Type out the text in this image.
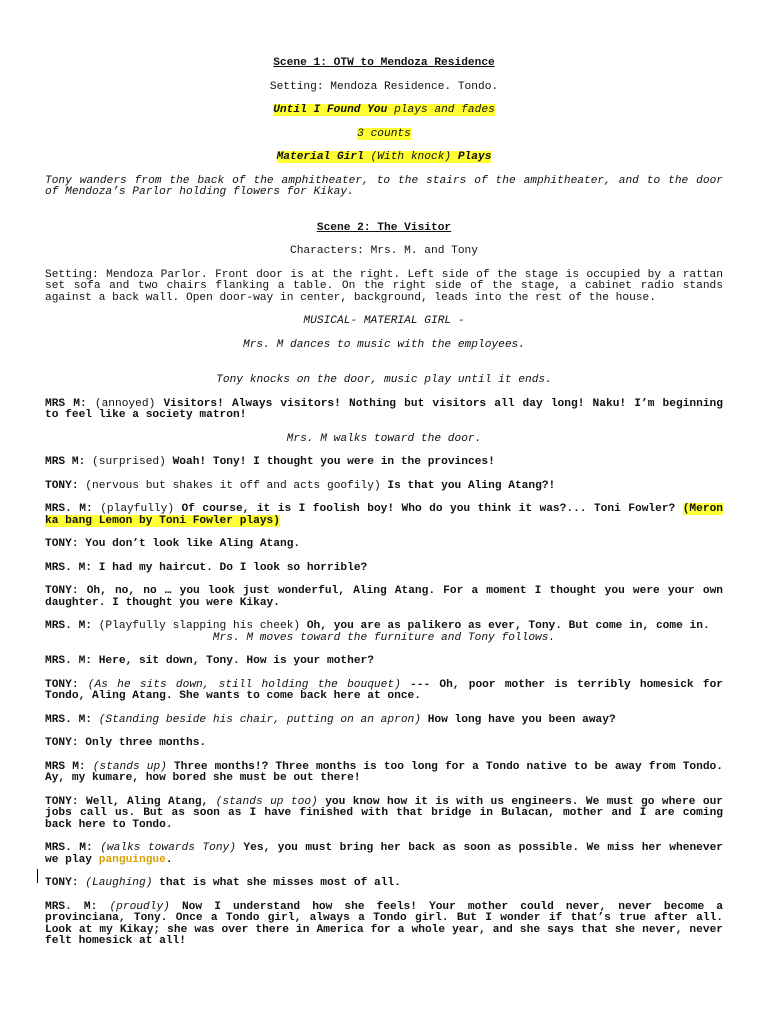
Scene 1: OTW to Mendoza Residence

Setting: Mendoza Residence. Tondo.

Until I Found You plays and fades

3 counts

Material Girl (With knock) Plays

Tony wanders from the back of the amphitheater, to the stairs of the amphitheater, and to the door of Mendoza’s Parlor holding flowers for Kikay.

Scene 2: The Visitor

Characters: Mrs. M. and Tony

Setting: Mendoza Parlor. Front door is at the right. Left side of the stage is occupied by a rattan set sofa and two chairs flanking a table. On the right side of the stage, a cabinet radio stands against a back wall. Open door-way in center, background, leads into the rest of the house.

MUSICAL- MATERIAL GIRL -

Mrs. M dances to music with the employees.

Tony knocks on the door, music play until it ends.

MRS M: (annoyed) Visitors! Always visitors! Nothing but visitors all day long! Naku! I’m beginning to feel like a society matron!

Mrs. M walks toward the door.

MRS M: (surprised) Woah! Tony! I thought you were in the provinces!

TONY: (nervous but shakes it off and acts goofily) Is that you Aling Atang?!

MRS. M: (playfully) Of course, it is I foolish boy! Who do you think it was?... Toni Fowler? (Meron ka bang Lemon by Toni Fowler plays)

TONY: You don’t look like Aling Atang.

MRS. M: I had my haircut. Do I look so horrible?

TONY: Oh, no, no … you look just wonderful, Aling Atang. For a moment I thought you were your own daughter. I thought you were Kikay.

MRS. M: (Playfully slapping his cheek) Oh, you are as palikero as ever, Tony. But come in, come in.

Mrs. M moves toward the furniture and Tony follows.

MRS. M: Here, sit down, Tony. How is your mother?

TONY: (As he sits down, still holding the bouquet) --- Oh, poor mother is terribly homesick for Tondo, Aling Atang. She wants to come back here at once.

MRS. M: (Standing beside his chair, putting on an apron) How long have you been away?

TONY: Only three months.

MRS M: (stands up) Three months!? Three months is too long for a Tondo native to be away from Tondo. Ay, my kumare, how bored she must be out there!

TONY: Well, Aling Atang, (stands up too) you know how it is with us engineers. We must go where our jobs call us. But as soon as I have finished with that bridge in Bulacan, mother and I are coming back here to Tondo.

MRS. M: (walks towards Tony) Yes, you must bring her back as soon as possible. We miss her whenever we play panguingue.

TONY: (Laughing) that is what she misses most of all.

MRS. M: (proudly) Now I understand how she feels! Your mother could never, never become a provinciana, Tony. Once a Tondo girl, always a Tondo girl. But I wonder if that’s true after all. Look at my Kikay; she was over there in America for a whole year, and she says that she never, never felt homesick at all!
